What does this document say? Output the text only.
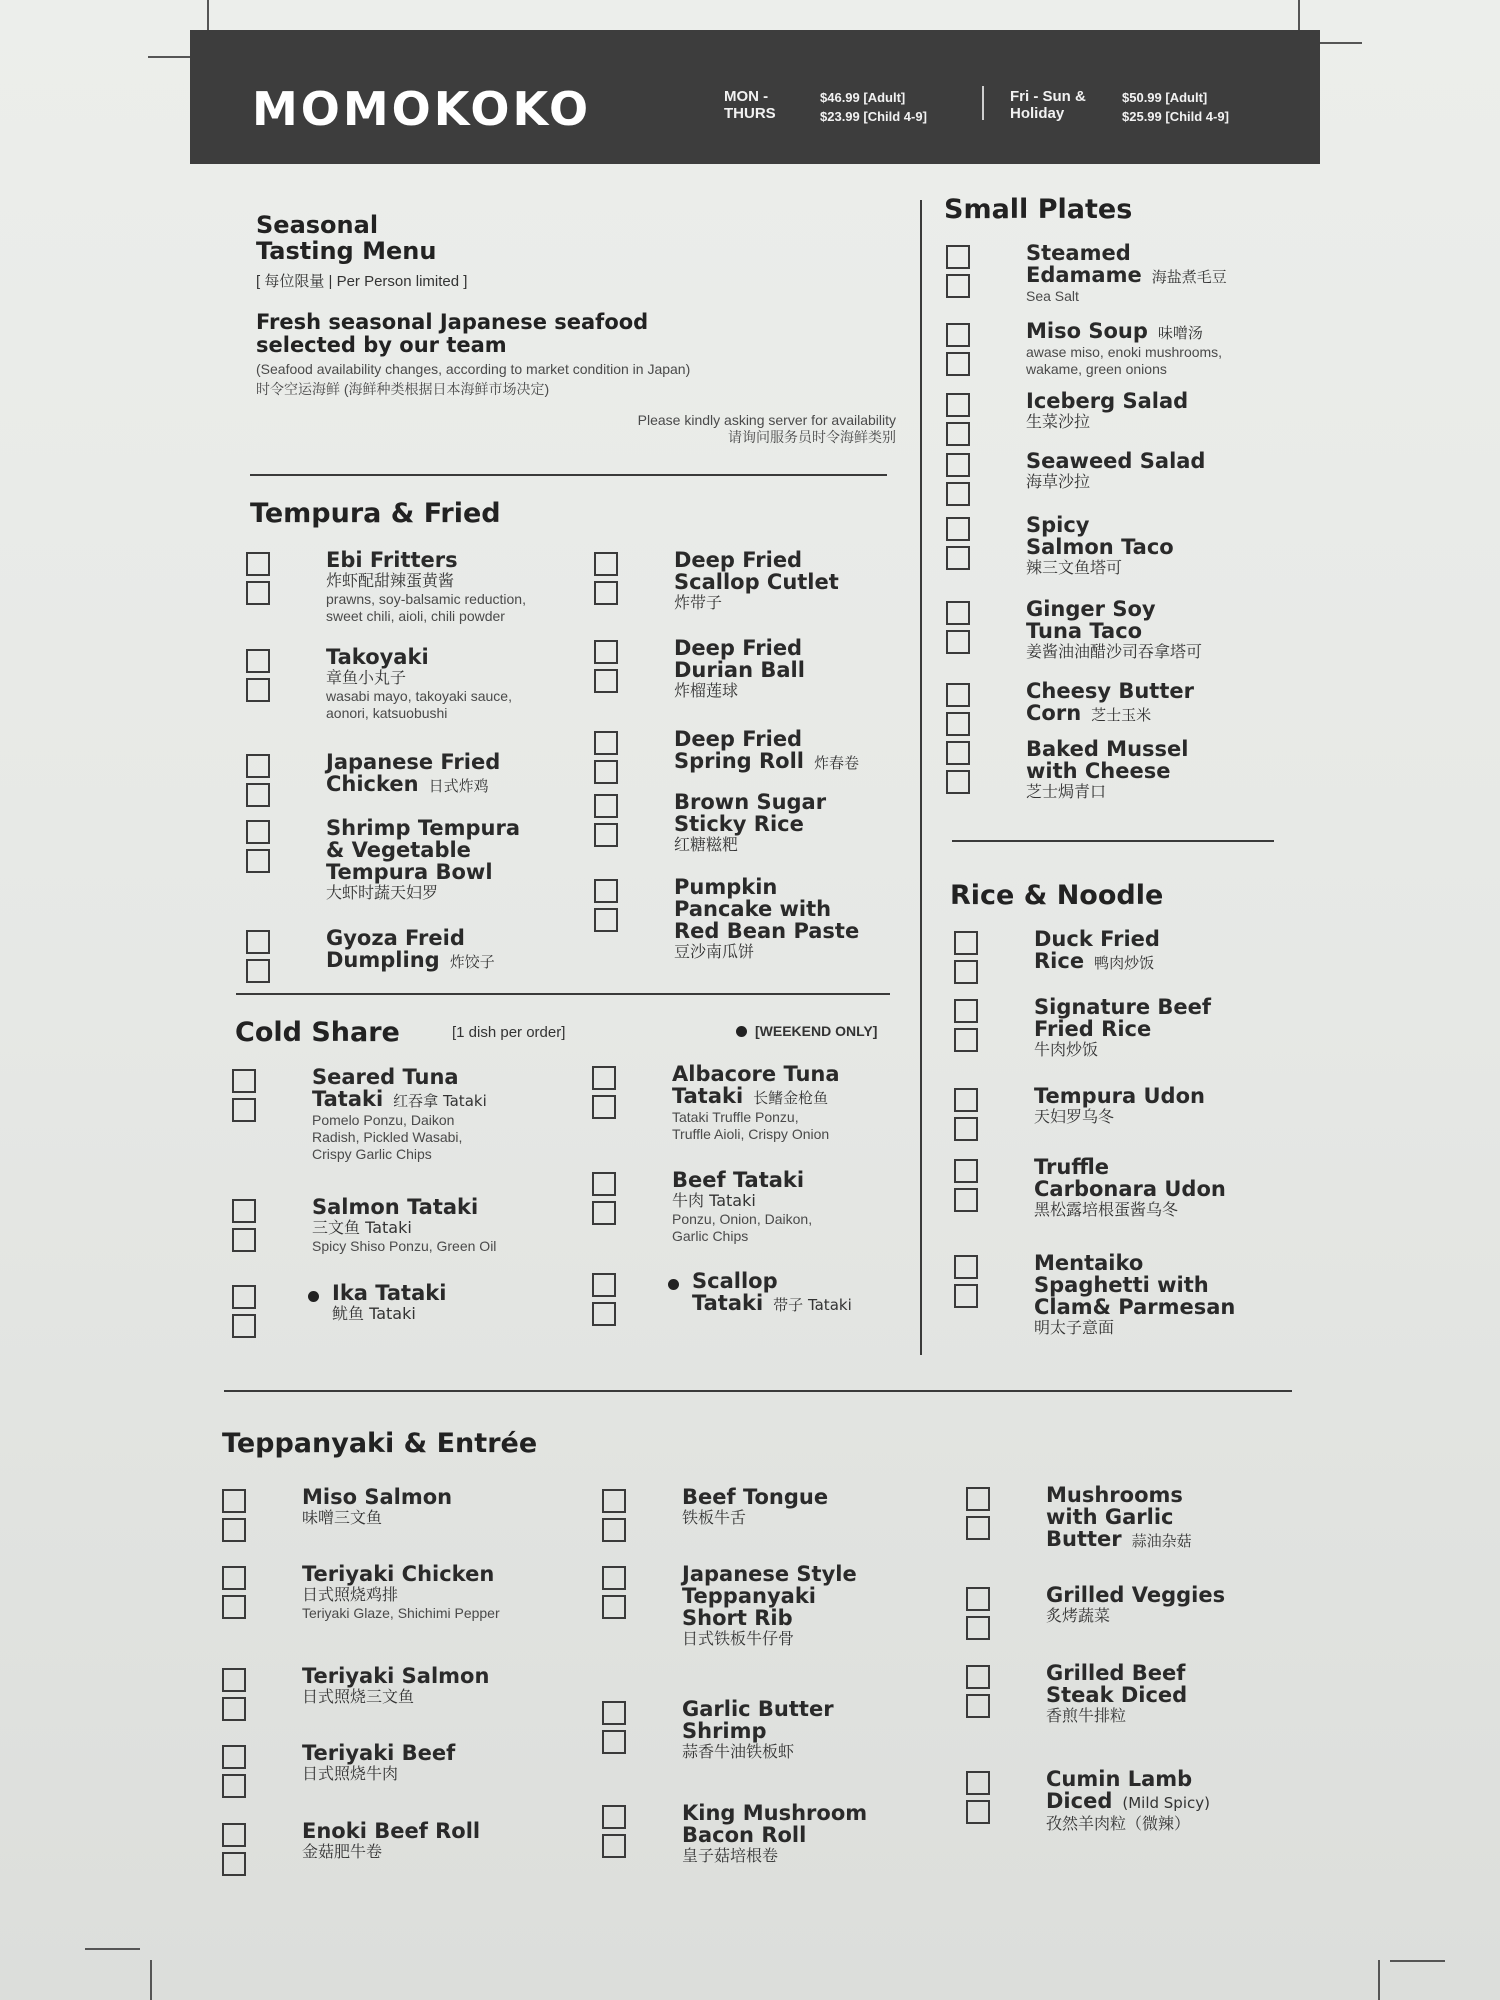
MOMOKOKO	MON - THURS
$46.99 [Adult]
$23.99 [Child 4-9]
Fri - Sun & Holiday
$50.99 [Adult]
$25.99 [Child 4-9]
Seasonal
Tasting Menu
[ 每位限量 | Per Person limited ]
Fresh seasonal Japanese seafood
selected by our team
(Seafood availability changes, according to market condition in Japan)
时令空运海鲜 (海鲜种类根据日本海鲜市场决定)
Please kindly asking server for availability
请询问服务员时令海鲜类别
Tempura & Fried
Cold Share	[1 dish per order]	[WEEKEND ONLY]
Small Plates
Rice & Noodle
Teppanyaki & Entrée
Ebi Fritters
炸虾配甜辣蛋黄酱
prawns, soy-balsamic reduction,
sweet chili, aioli, chili powder
Takoyaki
章鱼小丸子
wasabi mayo, takoyaki sauce,
aonori, katsuobushi
Japanese Fried
Chicken 日式炸鸡
Shrimp Tempura
& Vegetable
Tempura Bowl
大虾时蔬天妇罗
Gyoza Freid
Dumpling 炸饺子
Deep Fried
Scallop Cutlet
炸带子
Deep Fried
Durian Ball
炸榴莲球
Deep Fried
Spring Roll 炸春卷
Brown Sugar
Sticky Rice
红糖糍粑
Pumpkin
Pancake with
Red Bean Paste
豆沙南瓜饼
Seared Tuna
Tataki 红吞拿 Tataki
Pomelo Ponzu, Daikon
Radish, Pickled Wasabi,
Crispy Garlic Chips
Salmon Tataki
三文鱼 Tataki
Spicy Shiso Ponzu, Green Oil
Ika Tataki
鱿鱼 Tataki
Albacore Tuna
Tataki 长鳍金枪鱼
Tataki Truffle Ponzu,
Truffle Aioli, Crispy Onion
Beef Tataki
牛肉 Tataki
Ponzu, Onion, Daikon,
Garlic Chips
Scallop
Tataki 带子 Tataki
Steamed
Edamame 海盐煮毛豆
Sea Salt
Miso Soup 味噌汤
awase miso, enoki mushrooms,
wakame, green onions
Iceberg Salad
生菜沙拉
Seaweed Salad
海草沙拉
Spicy
Salmon Taco
辣三文鱼塔可
Ginger Soy
Tuna Taco
姜酱油油醋沙司吞拿塔可
Cheesy Butter
Corn 芝士玉米
Baked Mussel
with Cheese
芝士焗青口
Duck Fried
Rice 鸭肉炒饭
Signature Beef
Fried Rice
牛肉炒饭
Tempura Udon
天妇罗乌冬
Truffle
Carbonara Udon
黑松露培根蛋酱乌冬
Mentaiko
Spaghetti with
Clam& Parmesan
明太子意面
Miso Salmon
味噌三文鱼
Teriyaki Chicken
日式照烧鸡排
Teriyaki Glaze, Shichimi Pepper
Teriyaki Salmon
日式照烧三文鱼
Teriyaki Beef
日式照烧牛肉
Enoki Beef Roll
金菇肥牛卷
Beef Tongue
铁板牛舌
Japanese Style
Teppanyaki
Short Rib
日式铁板牛仔骨
Garlic Butter
Shrimp
蒜香牛油铁板虾
King Mushroom
Bacon Roll
皇子菇培根卷
Mushrooms
with Garlic
Butter 蒜油杂菇
Grilled Veggies
炙烤蔬菜
Grilled Beef
Steak Diced
香煎牛排粒
Cumin Lamb
Diced (Mild Spicy)
孜然羊肉粒（微辣）
